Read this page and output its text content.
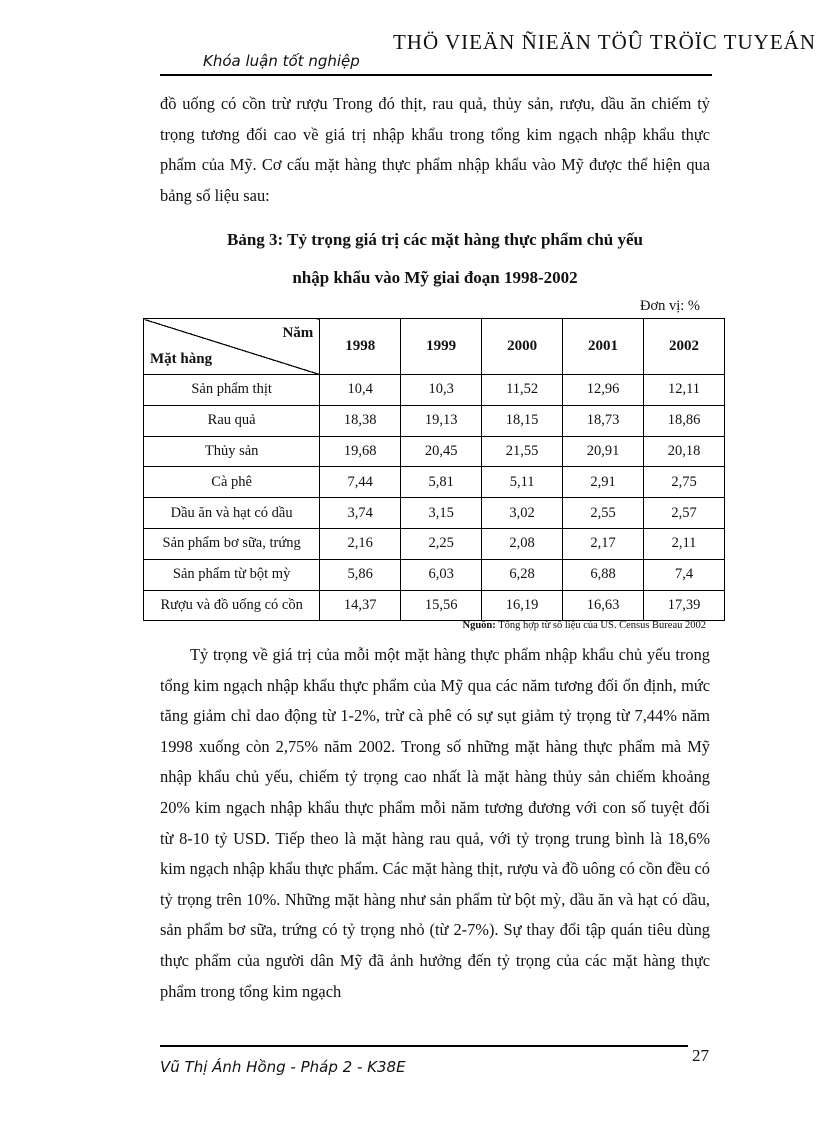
Khóa luận tốt nghiệp
THÖ VIEÄN ÑIEÄN TÖÛ TRÖÏC TUYEÁN

đồ uống có cồn trừ rượu Trong đó thịt, rau quả, thủy sản, rượu, dầu ăn chiếm tỷ trọng tương đối cao về giá trị nhập khẩu trong tổng kim ngạch nhập khẩu thực phẩm của Mỹ. Cơ cấu mặt hàng thực phẩm nhập khẩu vào Mỹ được thể hiện qua bảng số liệu sau:

Bảng 3: Tỷ trọng giá trị các mặt hàng thực phẩm chủ yếu

nhập khẩu vào Mỹ giai đoạn 1998-2002

Đơn vị: %
Năm
Mặt hàng	1998	1999	2000	2001	2002
Sản phẩm thịt	10,4	10,3	11,52	12,96	12,11
Rau quả	18,38	19,13	18,15	18,73	18,86
Thủy sản	19,68	20,45	21,55	20,91	20,18
Cà phê	7,44	5,81	5,11	2,91	2,75
Dầu ăn và hạt có dầu	3,74	3,15	3,02	2,55	2,57
Sản phẩm bơ sữa, trứng	2,16	2,25	2,08	2,17	2,11
Sản phẩm từ bột mỳ	5,86	6,03	6,28	6,88	7,4
Rượu và đồ uống có cồn	14,37	15,56	16,19	16,63	17,39
Nguồn: Tổng hợp từ số liệu của US. Census Bureau 2002

Tỷ trọng về giá trị của mỗi một mặt hàng thực phẩm nhập khẩu chủ yếu trong tổng kim ngạch nhập khẩu thực phẩm của Mỹ qua các năm tương đối ổn định, mức tăng giảm chỉ dao động từ 1-2%, trừ cà phê có sự sụt giảm tỷ trọng từ 7,44% năm 1998 xuống còn 2,75% năm 2002. Trong số những mặt hàng thực phẩm mà Mỹ nhập khẩu chủ yếu, chiếm tỷ trọng cao nhất là mặt hàng thủy sản chiếm khoảng 20% kim ngạch nhập khẩu thực phẩm mỗi năm tương đương với con số tuyệt đối từ 8-10 tỷ USD. Tiếp theo là mặt hàng rau quả, với tỷ trọng trung bình là 18,6% kim ngạch nhập khẩu thực phẩm. Các mặt hàng thịt, rượu và đồ uông có cồn đều có tỷ trọng trên 10%. Những mặt hàng như sản phẩm từ bột mỳ, dầu ăn và hạt có dầu, sản phẩm bơ sữa, trứng có tỷ trọng nhỏ (từ 2-7%). Sự thay đổi tập quán tiêu dùng thực phẩm của người dân Mỹ đã ảnh hưởng đến tỷ trọng của các mặt hàng thực phẩm trong tổng kim ngạch

Vũ Thị Ánh Hồng - Pháp 2 - K38E
27
